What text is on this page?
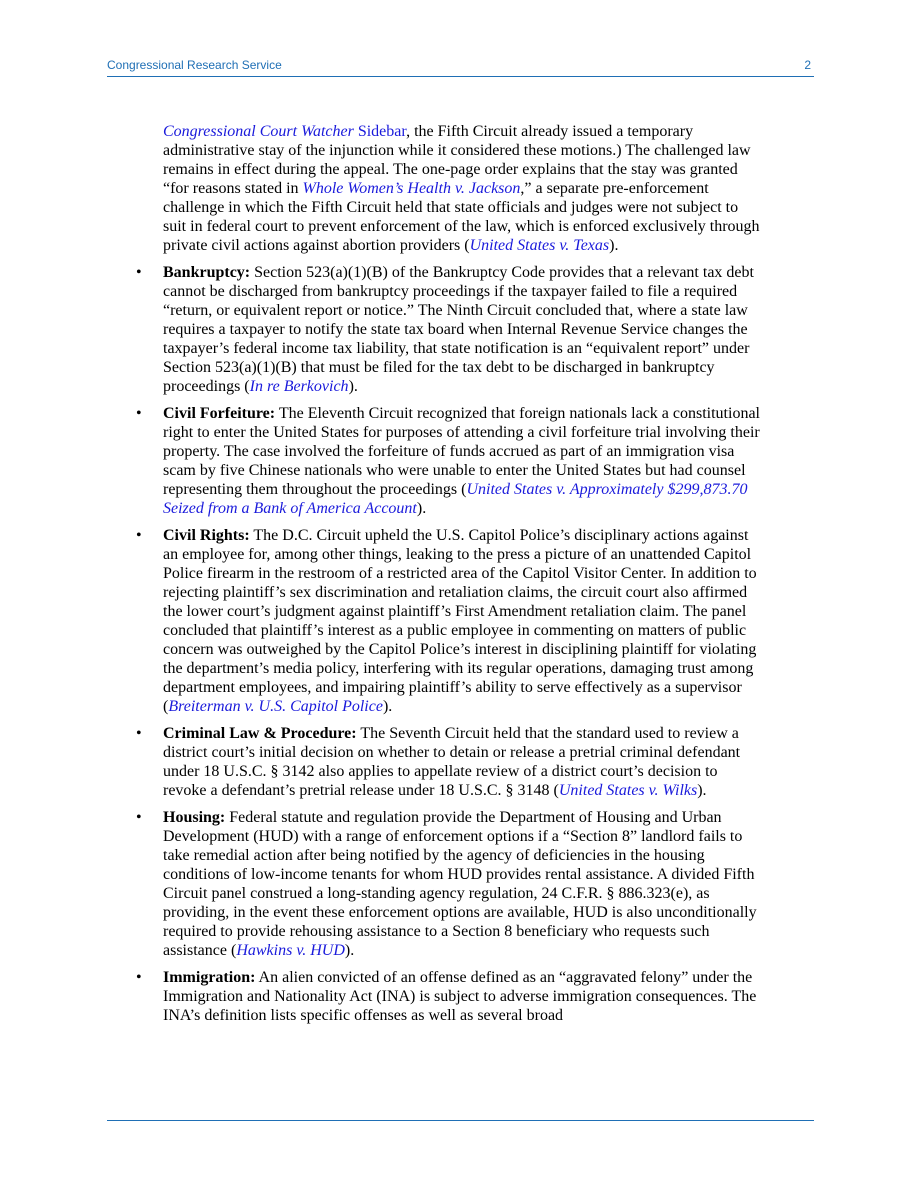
Congressional Research Service	2

Congressional Court Watcher Sidebar, the Fifth Circuit already issued a temporary administrative stay of the injunction while it considered these motions.) The challenged law remains in effect during the appeal. The one-page order explains that the stay was granted “for reasons stated in Whole Women’s Health v. Jackson,” a separate pre-enforcement challenge in which the Fifth Circuit held that state officials and judges were not subject to suit in federal court to prevent enforcement of the law, which is enforced exclusively through private civil actions against abortion providers (United States v. Texas).

• Bankruptcy: Section 523(a)(1)(B) of the Bankruptcy Code provides that a relevant tax debt cannot be discharged from bankruptcy proceedings if the taxpayer failed to file a required “return, or equivalent report or notice.” The Ninth Circuit concluded that, where a state law requires a taxpayer to notify the state tax board when Internal Revenue Service changes the taxpayer’s federal income tax liability, that state notification is an “equivalent report” under Section 523(a)(1)(B) that must be filed for the tax debt to be discharged in bankruptcy proceedings (In re Berkovich).
• Civil Forfeiture: The Eleventh Circuit recognized that foreign nationals lack a constitutional right to enter the United States for purposes of attending a civil forfeiture trial involving their property. The case involved the forfeiture of funds accrued as part of an immigration visa scam by five Chinese nationals who were unable to enter the United States but had counsel representing them throughout the proceedings (United States v. Approximately $299,873.70 Seized from a Bank of America Account).
• Civil Rights: The D.C. Circuit upheld the U.S. Capitol Police’s disciplinary actions against an employee for, among other things, leaking to the press a picture of an unattended Capitol Police firearm in the restroom of a restricted area of the Capitol Visitor Center. In addition to rejecting plaintiff’s sex discrimination and retaliation claims, the circuit court also affirmed the lower court’s judgment against plaintiff’s First Amendment retaliation claim. The panel concluded that plaintiff’s interest as a public employee in commenting on matters of public concern was outweighed by the Capitol Police’s interest in disciplining plaintiff for violating the department’s media policy, interfering with its regular operations, damaging trust among department employees, and impairing plaintiff’s ability to serve effectively as a supervisor (Breiterman v. U.S. Capitol Police).
• Criminal Law & Procedure: The Seventh Circuit held that the standard used to review a district court’s initial decision on whether to detain or release a pretrial criminal defendant under 18 U.S.C. § 3142 also applies to appellate review of a district court’s decision to revoke a defendant’s pretrial release under 18 U.S.C. § 3148 (United States v. Wilks).
• Housing: Federal statute and regulation provide the Department of Housing and Urban Development (HUD) with a range of enforcement options if a “Section 8” landlord fails to take remedial action after being notified by the agency of deficiencies in the housing conditions of low-income tenants for whom HUD provides rental assistance. A divided Fifth Circuit panel construed a long-standing agency regulation, 24 C.F.R. § 886.323(e), as providing, in the event these enforcement options are available, HUD is also unconditionally required to provide rehousing assistance to a Section 8 beneficiary who requests such assistance (Hawkins v. HUD).
• Immigration: An alien convicted of an offense defined as an “aggravated felony” under the Immigration and Nationality Act (INA) is subject to adverse immigration consequences. The INA’s definition lists specific offenses as well as several broad
